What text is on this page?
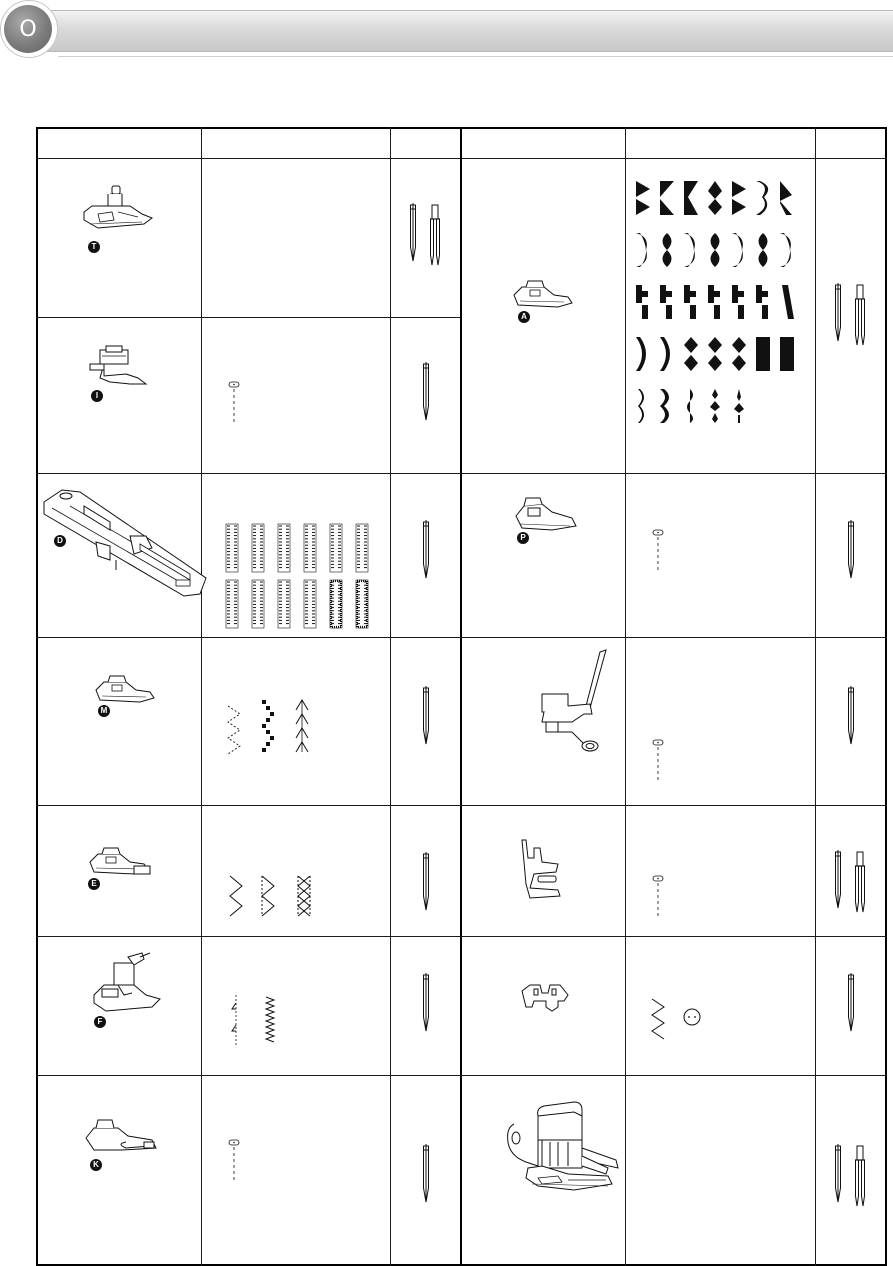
O
T
I
D
M
E
F
K
A
P
